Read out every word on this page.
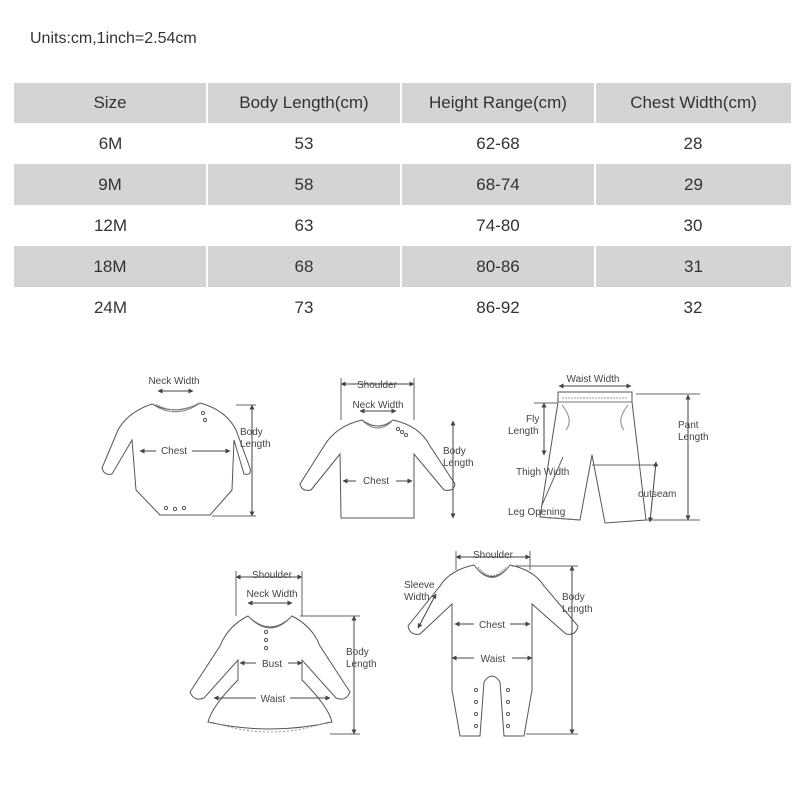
Units:cm,1inch=2.54cm
Size	Body Length(cm)	Height Range(cm)	Chest Width(cm)
6M	53	62-68	28
9M	58	68-74	29
12M	63	74-80	30
18M	68	80-86	31
24M	73	86-92	32
Neck Width
Chest
Body
Length
Shoulder
Neck Width
Chest
Body
Length
Waist Width
Fly
Length
Pant
Length
Thigh Width
outseam
Leg Opening
Shoulder
Neck Width
Bust
Waist
Body
Length
Shoulder
Sleeve
Width
Chest
Waist
Body
Length
